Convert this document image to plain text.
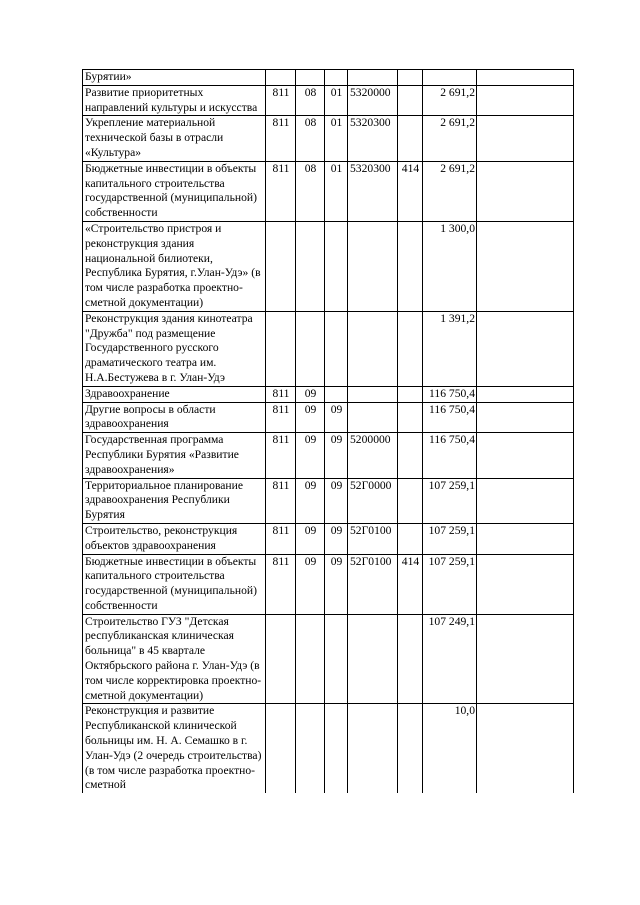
Бурятии»							
Развитие приоритетных направлений культуры и искусства	811	08	01	5320000		2 691,2	
Укрепление материальной технической базы в отрасли «Культура»	811	08	01	5320300		2 691,2	
Бюджетные инвестиции в объекты капитального строительства государственной (муниципальной) собственности	811	08	01	5320300	414	2 691,2	
«Строительство пристроя и реконструкция здания национальной билиотеки, Республика Бурятия, г.Улан-Удэ» (в том числе разработка проектно-сметной документации)						1 300,0	
Реконструкция здания кинотеатра "Дружба" под размещение Государственного русского драматического театра им. Н.А.Бестужева в г. Улан-Удэ						1 391,2	
Здравоохранение	811	09				116 750,4	
Другие вопросы в области здравоохранения	811	09	09			116 750,4	
Государственная программа Республики Бурятия «Развитие здравоохранения»	811	09	09	5200000		116 750,4	
Территориальное планирование здравоохранения Республики Бурятия	811	09	09	52Г0000		107 259,1	
Строительство, реконструкция объектов здравоохранения	811	09	09	52Г0100		107 259,1	
Бюджетные инвестиции в объекты капитального строительства государственной (муниципальной) собственности	811	09	09	52Г0100	414	107 259,1	
Строительство ГУЗ "Детская республиканская клиническая больница" в 45 квартале Октябрьского района г. Улан-Удэ (в том числе корректировка проектно-сметной документации)						107 249,1	
Реконструкция и развитие Республиканской клинической больницы им. Н. А. Семашко в г. Улан-Удэ (2 очередь строительства) (в том числе разработка проектно-сметной						10,0	
